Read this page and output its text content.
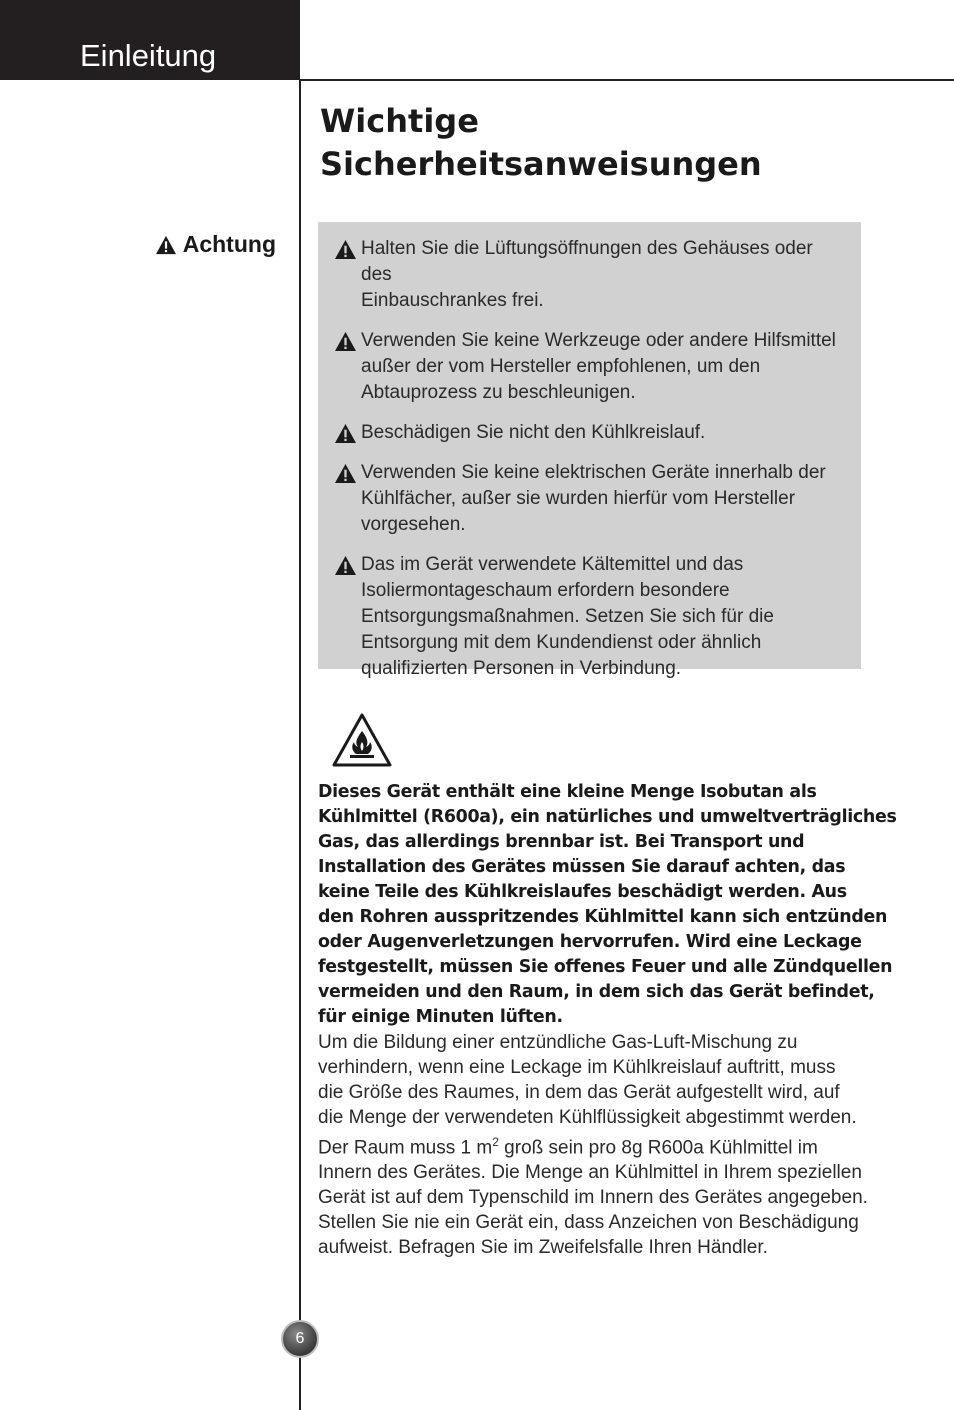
Einleitung
Wichtige
Sicherheitsanweisungen
Achtung	Halten Sie die Lüftungsöffnungen des Gehäuses oder des
Einbauschrankes frei.
Verwenden Sie keine Werkzeuge oder andere Hilfsmittel
außer der vom Hersteller empfohlenen, um den
Abtauprozess zu beschleunigen.
Beschädigen Sie nicht den Kühlkreislauf.
Verwenden Sie keine elektrischen Geräte innerhalb der
Kühlfächer, außer sie wurden hierfür vom Hersteller
vorgesehen.
Das im Gerät verwendete Kältemittel und das
Isoliermontageschaum erfordern besondere
Entsorgungsmaßnahmen. Setzen Sie sich für die
Entsorgung mit dem Kundendienst oder ähnlich
qualifizierten Personen in Verbindung.
Dieses Gerät enthält eine kleine Menge Isobutan als
Kühlmittel (R600a), ein natürliches und umweltverträgliches
Gas, das allerdings brennbar ist. Bei Transport und
Installation des Gerätes müssen Sie darauf achten, das
keine Teile des Kühlkreislaufes beschädigt werden. Aus
den Rohren ausspritzendes Kühlmittel kann sich entzünden
oder Augenverletzungen hervorrufen. Wird eine Leckage
festgestellt, müssen Sie offenes Feuer und alle Zündquellen
vermeiden und den Raum, in dem sich das Gerät befindet,
für einige Minuten lüften.
Um die Bildung einer entzündliche Gas-Luft-Mischung zu
verhindern, wenn eine Leckage im Kühlkreislauf auftritt, muss
die Größe des Raumes, in dem das Gerät aufgestellt wird, auf
die Menge der verwendeten Kühlflüssigkeit abgestimmt werden.
Der Raum muss 1 $m^2$ groß sein pro 8g R600a Kühlmittel im
Innern des Gerätes. Die Menge an Kühlmittel in Ihrem speziellen
Gerät ist auf dem Typenschild im Innern des Gerätes angegeben.
Stellen Sie nie ein Gerät ein, dass Anzeichen von Beschädigung
aufweist. Befragen Sie im Zweifelsfalle Ihren Händler.
6
